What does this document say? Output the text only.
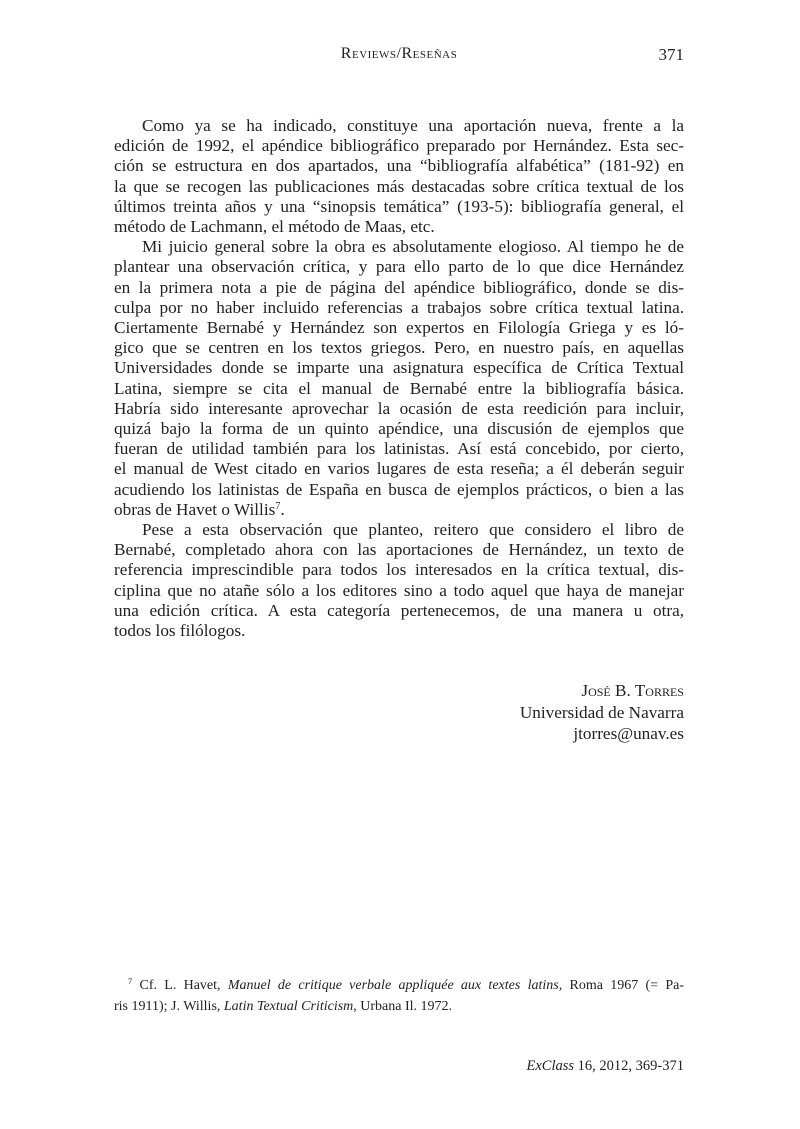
Reviews/Reseñas	371
Como ya se ha indicado, constituye una aportación nueva, frente a la
edición de 1992, el apéndice bibliográfico preparado por Hernández. Esta sec-
ción se estructura en dos apartados, una “bibliografía alfabética” (181-92) en
la que se recogen las publicaciones más destacadas sobre crítica textual de los
últimos treinta años y una “sinopsis temática” (193-5): bibliografía general, el
método de Lachmann, el método de Maas, etc.
Mi juicio general sobre la obra es absolutamente elogioso. Al tiempo he de
plantear una observación crítica, y para ello parto de lo que dice Hernández
en la primera nota a pie de página del apéndice bibliográfico, donde se dis-
culpa por no haber incluido referencias a trabajos sobre crítica textual latina.
Ciertamente Bernabé y Hernández son expertos en Filología Griega y es ló-
gico que se centren en los textos griegos. Pero, en nuestro país, en aquellas
Universidades donde se imparte una asignatura específica de Crítica Textual
Latina, siempre se cita el manual de Bernabé entre la bibliografía básica.
Habría sido interesante aprovechar la ocasión de esta reedición para incluir,
quizá bajo la forma de un quinto apéndice, una discusión de ejemplos que
fueran de utilidad también para los latinistas. Así está concebido, por cierto,
el manual de West citado en varios lugares de esta reseña; a él deberán seguir
acudiendo los latinistas de España en busca de ejemplos prácticos, o bien a las
obras de Havet o Willis$^7$.
Pese a esta observación que planteo, reitero que considero el libro de
Bernabé, completado ahora con las aportaciones de Hernández, un texto de
referencia imprescindible para todos los interesados en la crítica textual, dis-
ciplina que no atañe sólo a los editores sino a todo aquel que haya de manejar
una edición crítica. A esta categoría pertenecemos, de una manera u otra,
todos los filólogos.
José B. Torres
Universidad de Navarra
jtorres@unav.es
$^7$ Cf. L. Havet, Manuel de critique verbale appliquée aux textes latins, Roma 1967 (= Pa-
ris 1911); J. Willis, Latin Textual Criticism, Urbana Il. 1972.
ExClass 16, 2012, 369-371
